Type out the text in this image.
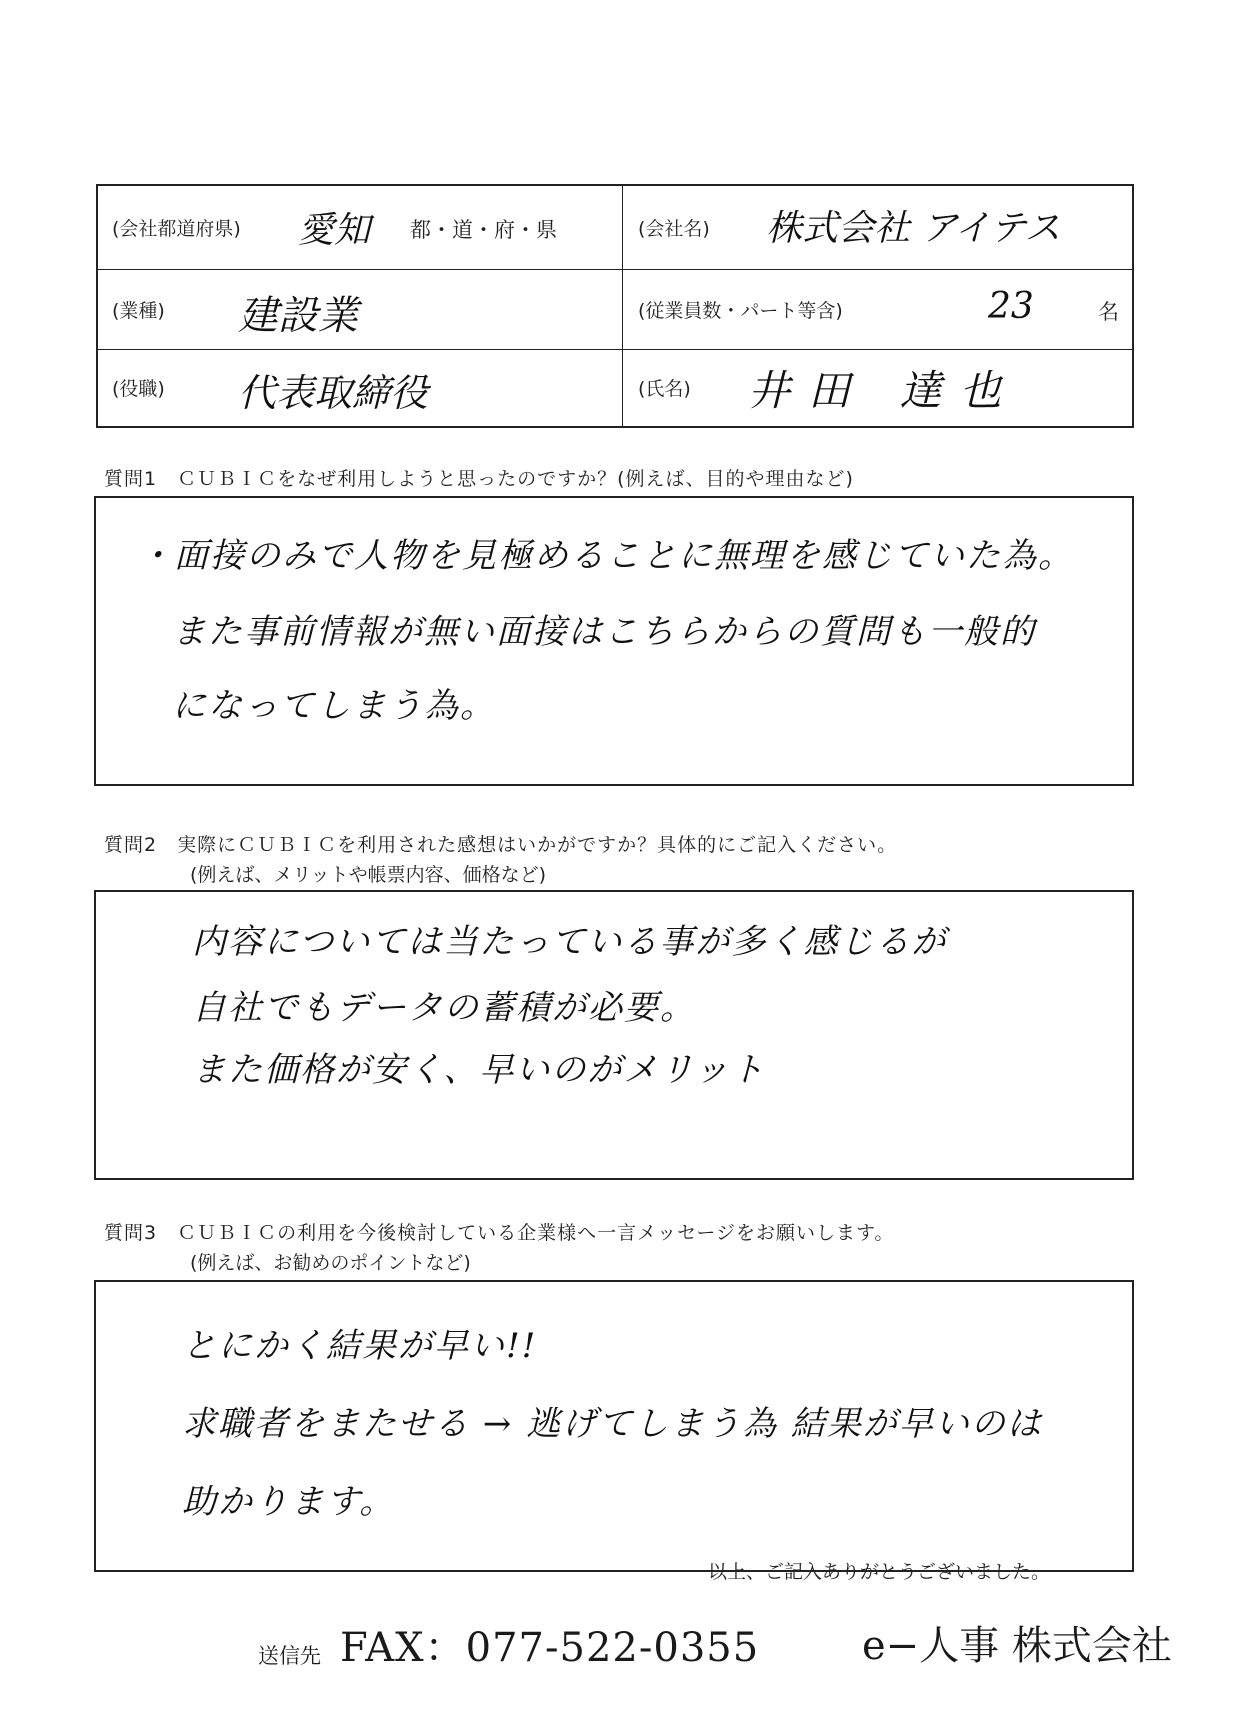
(会社都道府県) 愛知 都・道・府・県	(会社名) 株式会社 アイテス
(業種) 建設業	(従業員数・パート等含)	23	名
(役職) 代表取締役	(氏名) 井田 達也
質問1　ＣＵＢＩＣをなぜ利用しようと思ったのですか？(例えば、目的や理由など)
・面接のみで人物を見極めることに無理を感じていた為。
また事前情報が無い面接はこちらからの質問も一般的
になってしまう為。
質問2　実際にＣＵＢＩＣを利用された感想はいかがですか？具体的にご記入ください。
(例えば、メリットや帳票内容、価格など)
内容については当たっている事が多く感じるが
自社でもデータの蓄積が必要。
また価格が安く、早いのがメリット
質問3　ＣＵＢＩＣの利用を今後検討している企業様へ一言メッセージをお願いします。
(例えば、お勧めのポイントなど)
とにかく結果が早い!!
求職者をまたせる → 逃げてしまう為 結果が早いのは
助かります。
以上、ご記入ありがとうございました。
送信先 FAX：077-522-0355	e−人事 株式会社
